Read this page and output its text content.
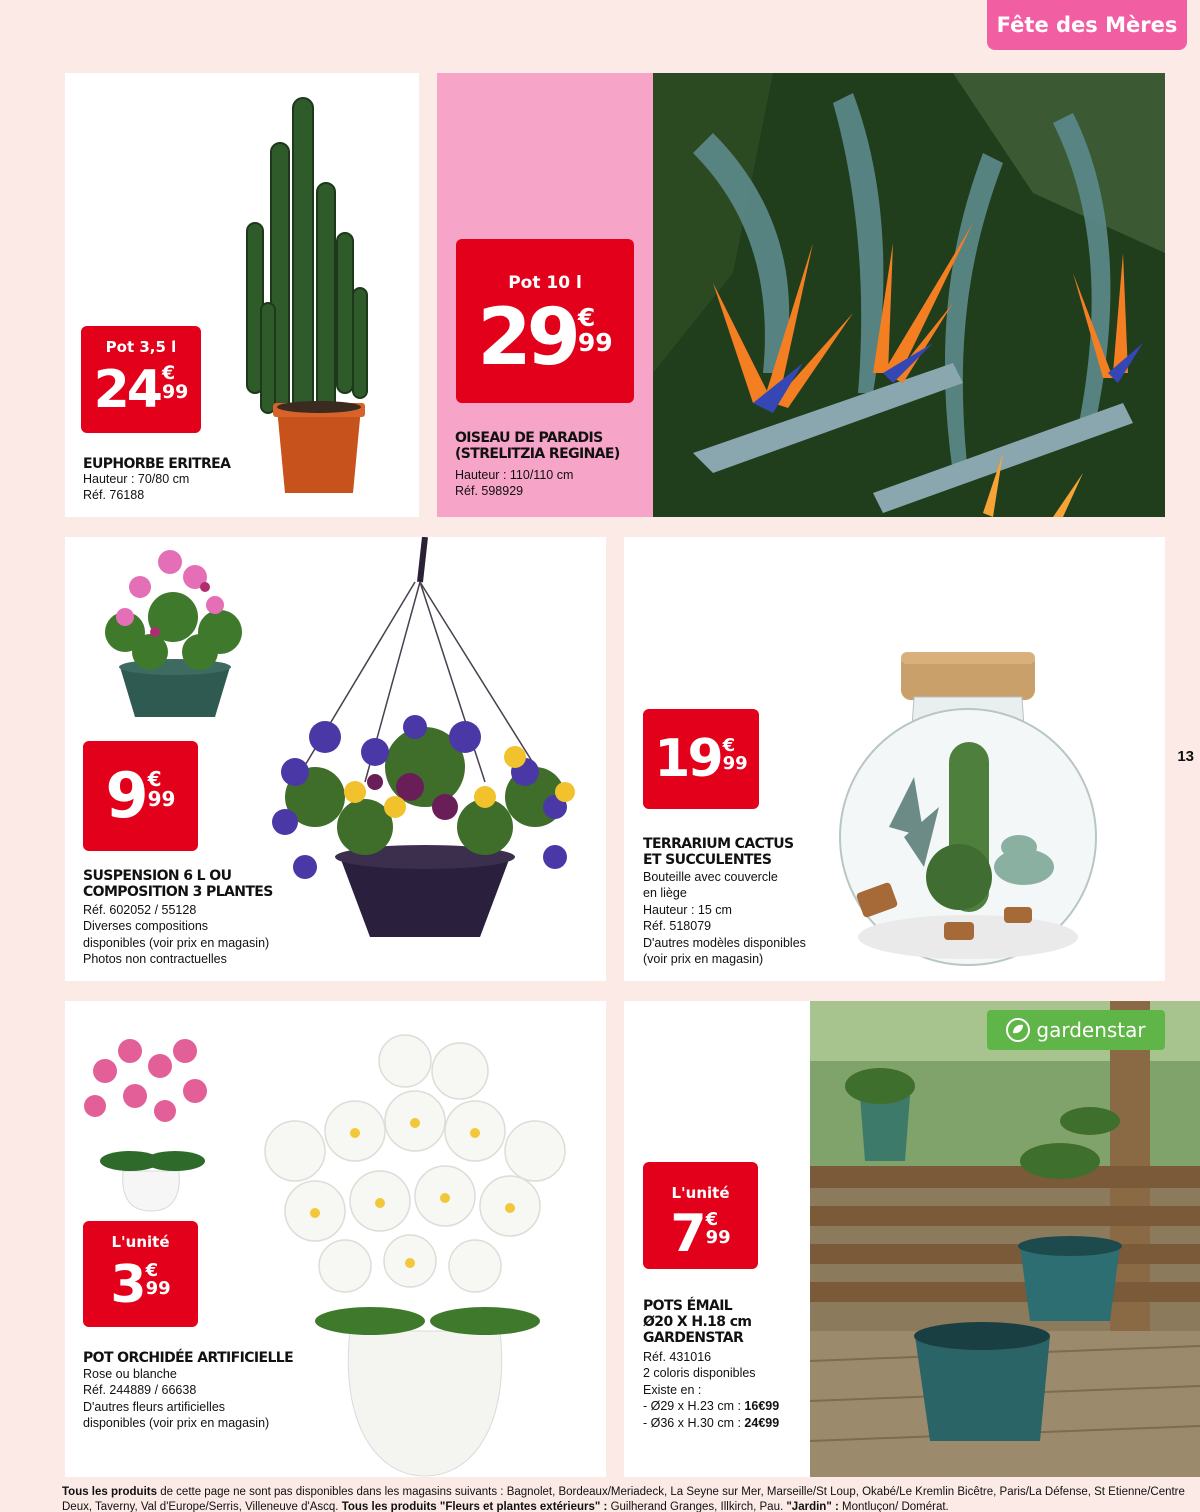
Fête des Mères
13
Pot 3,5 l
24 €
99
EUPHORBE ERITREA
Hauteur : 70/80 cm
Réf. 76188
Pot 10 l
29 €
99
OISEAU DE PARADIS
(STRELITZIA REGINAE)
Hauteur : 110/110 cm
Réf. 598929
9 €
99
SUSPENSION 6 L OU
COMPOSITION 3 PLANTES
Réf. 602052 / 55128
Diverses compositions
disponibles (voir prix en magasin)
Photos non contractuelles
19 €
99
TERRARIUM CACTUS
ET SUCCULENTES
Bouteille avec couvercle
en liège
Hauteur : 15 cm
Réf. 518079
D'autres modèles disponibles
(voir prix en magasin)
L'unité
3 €
99
POT ORCHIDÉE ARTIFICIELLE
Rose ou blanche
Réf. 244889 / 66638
D'autres fleurs artificielles
disponibles (voir prix en magasin)
gardenstar
L'unité
7 €
99
POTS ÉMAIL
Ø20 X H.18 cm
GARDENSTAR
Réf. 431016
2 coloris disponibles
Existe en :
- Ø29 x H.23 cm : 16€99
- Ø36 x H.30 cm : 24€99
Tous les produits de cette page ne sont pas disponibles dans les magasins suivants : Bagnolet, Bordeaux/Meriadeck, La Seyne sur Mer, Marseille/St Loup, Okabé/Le Kremlin Bicêtre, Paris/La Défense, St Etienne/Centre Deux, Taverny, Val d'Europe/Serris, Villeneuve d'Ascq. Tous les produits "Fleurs et plantes extérieurs" : Guilherand Granges, Illkirch, Pau. "Jardin" : Montluçon/ Domérat.
